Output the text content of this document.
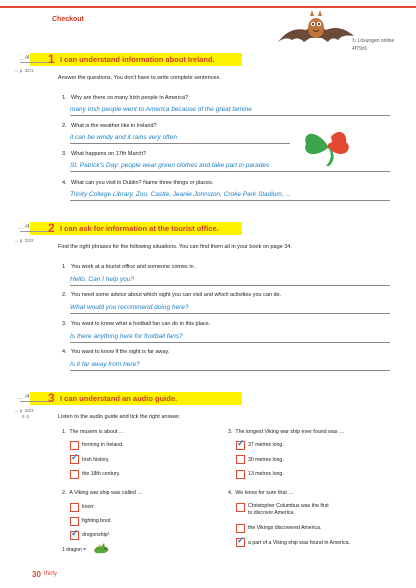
Checkout
↻ Lösungen online
4f79c6
__ /4	1 I can understand information about Ireland.
→ p. 32/1
Answer the questions. You don't have to write complete sentences.
1. Why are there so many Irish people in America?
many Irish people went to America because of the great famine
2. What is the weather like in Ireland?
it can be windy and it rains very often
3. What happens on 17th March?
St. Patrick's Day: people wear green clothes and take part in parades
4. What can you visit in Dublin? Name three things or places.
Trinity College Library, Zoo, Castle, Jeanie Johnston, Croke Park Stadium, ...
__ /4	2 I can ask for information at the tourist office.
→ p. 32/2
Find the right phrases for the following situations. You can find them all in your book on page 34.
1. You work at a tourist office and someone comes in.
Hello. Can I help you?
2. You need some advice about which sight you can visit and which activities you can do.
What would you recommend doing here?
3. You want to know what a football fan can do in this place.
Is there anything here for football fans?
4. You want to know if the sight is far away.
Is it far away from here?
__ /4	3 I can understand an audio guide.
→ p. 33/3
5 ⊙	Listen to the audio guide and tick the right answer.
1. The musem is about …
forming in Ireland.
✓ Irish history.
the 18th century.
2. A Viking war ship was called …
knorr.
fighting boot.
✓ drogonship¹
3. The longest Viking war ship ever found was …
✓ 37 metres long.
30 metres long.
13 metres long.
4. We know for sure that …
Christopher Columbus was the first
to discover America.
the Vikings discovered America.
✓ a part of a Viking ship was found in America.
1 dragon =
30 thirty
